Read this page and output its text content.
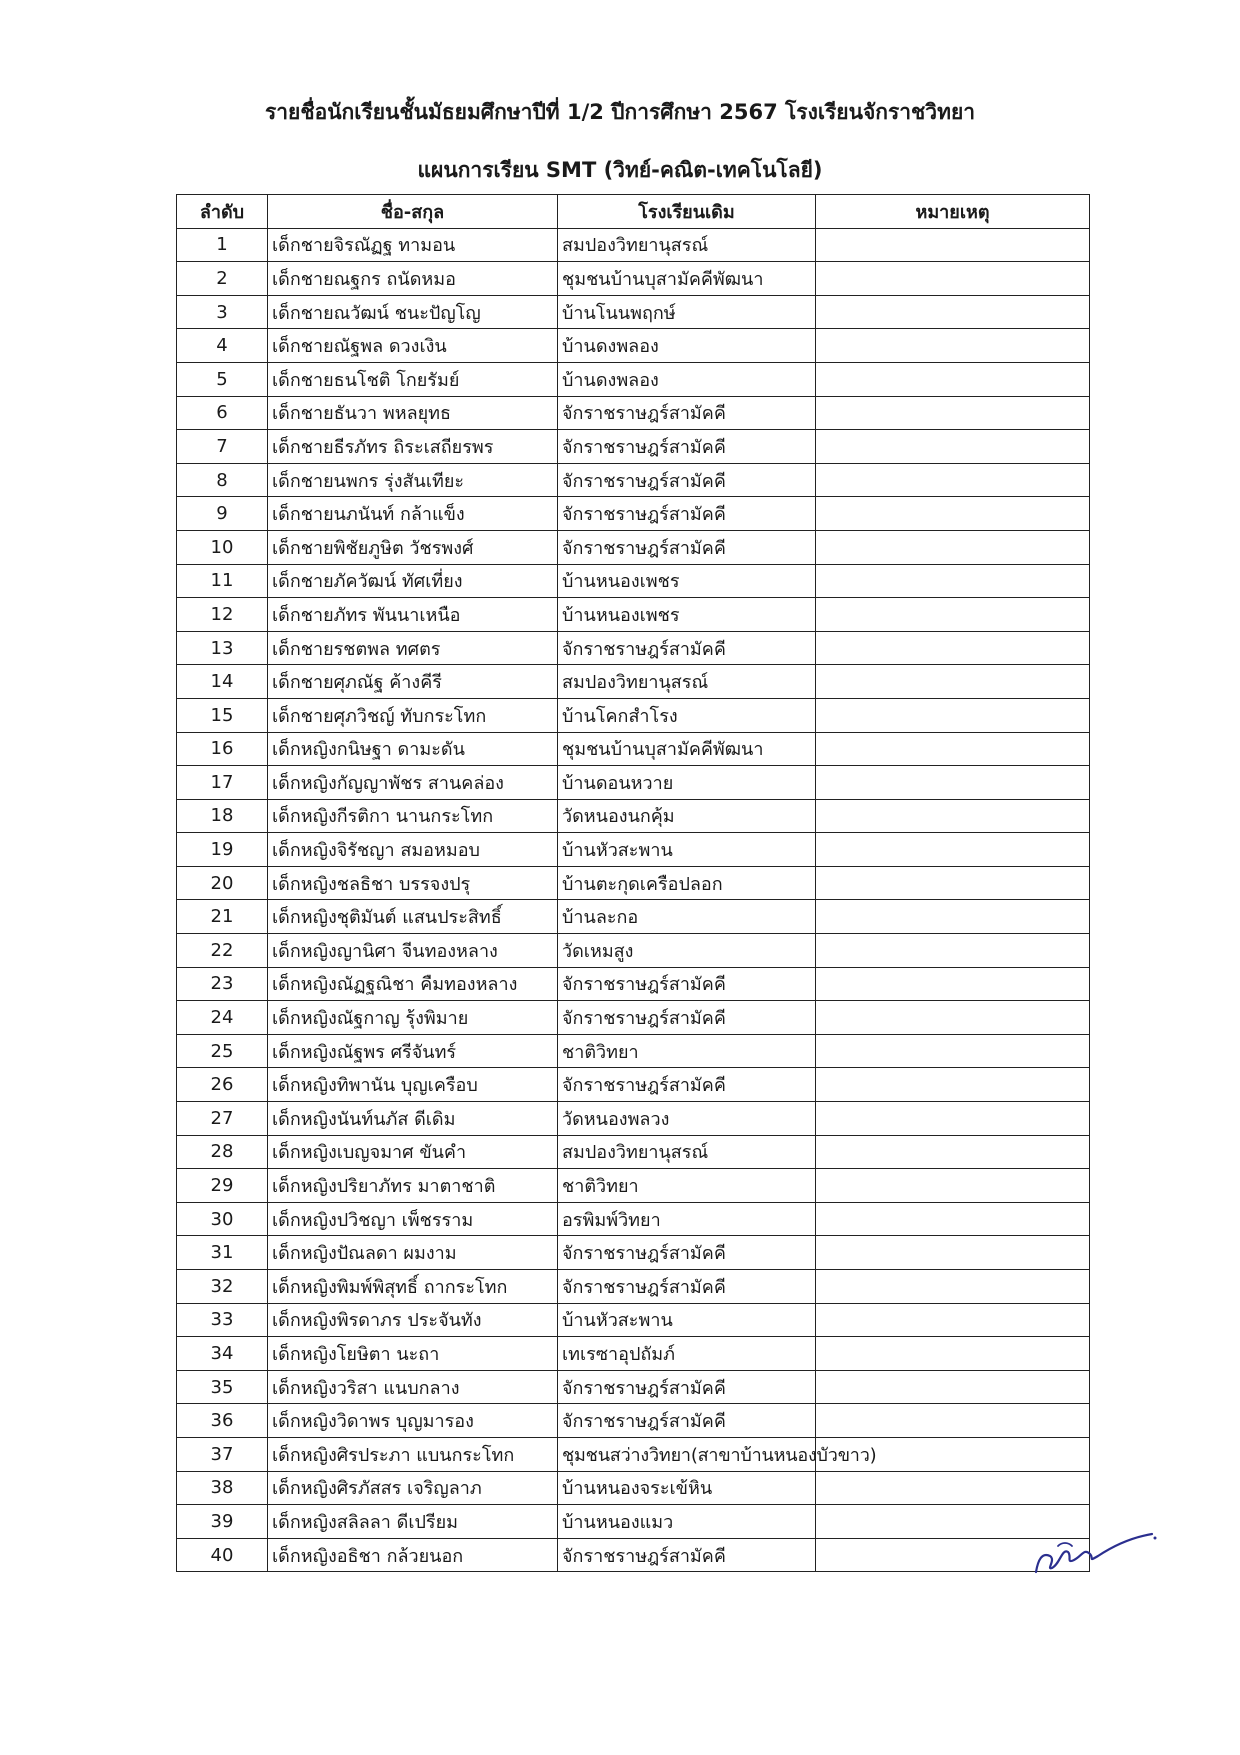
รายชื่อนักเรียนชั้นมัธยมศึกษาปีที่ 1/2 ปีการศึกษา 2567 โรงเรียนจักราชวิทยา
แผนการเรียน SMT (วิทย์-คณิต-เทคโนโลยี)
ลำดับ	ชื่อ-สกุล	โรงเรียนเดิม	หมายเหตุ
1	เด็กชายจิรณัฏฐ ทามอน	สมปองวิทยานุสรณ์	
2	เด็กชายณฐกร ถนัดหมอ	ชุมชนบ้านบุสามัคคีพัฒนา	
3	เด็กชายณวัฒน์ ชนะปัญโญ	บ้านโนนพฤกษ์	
4	เด็กชายณัฐพล ดวงเงิน	บ้านดงพลอง	
5	เด็กชายธนโชติ โกยรัมย์	บ้านดงพลอง	
6	เด็กชายธันวา พหลยุทธ	จักราชราษฎร์สามัคคี	
7	เด็กชายธีรภัทร ถิระเสถียรพร	จักราชราษฎร์สามัคคี	
8	เด็กชายนพกร รุ่งสันเทียะ	จักราชราษฎร์สามัคคี	
9	เด็กชายนภนันท์ กล้าแข็ง	จักราชราษฎร์สามัคคี	
10	เด็กชายพิชัยภูษิต วัชรพงศ์	จักราชราษฎร์สามัคคี	
11	เด็กชายภัควัฒน์ ทัศเที่ยง	บ้านหนองเพชร	
12	เด็กชายภัทร พันนาเหนือ	บ้านหนองเพชร	
13	เด็กชายรชตพล ทศตร	จักราชราษฎร์สามัคคี	
14	เด็กชายศุภณัฐ ค้างคีรี	สมปองวิทยานุสรณ์	
15	เด็กชายศุภวิชญ์ ทับกระโทก	บ้านโคกสำโรง	
16	เด็กหญิงกนิษฐา ดามะดัน	ชุมชนบ้านบุสามัคคีพัฒนา	
17	เด็กหญิงกัญญาพัชร สานคล่อง	บ้านดอนหวาย	
18	เด็กหญิงกีรติกา นานกระโทก	วัดหนองนกคุ้ม	
19	เด็กหญิงจิรัชญา สมอหมอบ	บ้านหัวสะพาน	
20	เด็กหญิงชลธิชา บรรจงปรุ	บ้านตะกุดเครือปลอก	
21	เด็กหญิงชุติมันต์ แสนประสิทธิ์	บ้านละกอ	
22	เด็กหญิงญานิศา จีนทองหลาง	วัดเหมสูง	
23	เด็กหญิงณัฏฐณิชา คืมทองหลาง	จักราชราษฎร์สามัคคี	
24	เด็กหญิงณัฐกาญ รุ้งพิมาย	จักราชราษฎร์สามัคคี	
25	เด็กหญิงณัฐพร ศรีจันทร์	ชาติวิทยา	
26	เด็กหญิงทิพานัน บุญเครือบ	จักราชราษฎร์สามัคคี	
27	เด็กหญิงนันท์นภัส ดีเดิม	วัดหนองพลวง	
28	เด็กหญิงเบญจมาศ ขันคำ	สมปองวิทยานุสรณ์	
29	เด็กหญิงปริยาภัทร มาตาชาติ	ชาติวิทยา	
30	เด็กหญิงปวิชญา เพ็ชรราม	อรพิมพ์วิทยา	
31	เด็กหญิงปัณลดา ผมงาม	จักราชราษฎร์สามัคคี	
32	เด็กหญิงพิมพ์พิสุทธิ์ ถากระโทก	จักราชราษฎร์สามัคคี	
33	เด็กหญิงพิรดาภร ประจันทัง	บ้านหัวสะพาน	
34	เด็กหญิงโยษิตา นะถา	เทเรซาอุปถัมภ์	
35	เด็กหญิงวริสา แนบกลาง	จักราชราษฎร์สามัคคี	
36	เด็กหญิงวิดาพร บุญมารอง	จักราชราษฎร์สามัคคี	
37	เด็กหญิงศิรประภา แบนกระโทก	ชุมชนสว่างวิทยา(สาขาบ้านหนองบัวขาว)	
38	เด็กหญิงศิรภัสสร เจริญลาภ	บ้านหนองจระเข้หิน	
39	เด็กหญิงสลิลลา ดีเปรียม	บ้านหนองแมว	
40	เด็กหญิงอธิชา กล้วยนอก	จักราชราษฎร์สามัคคี	
